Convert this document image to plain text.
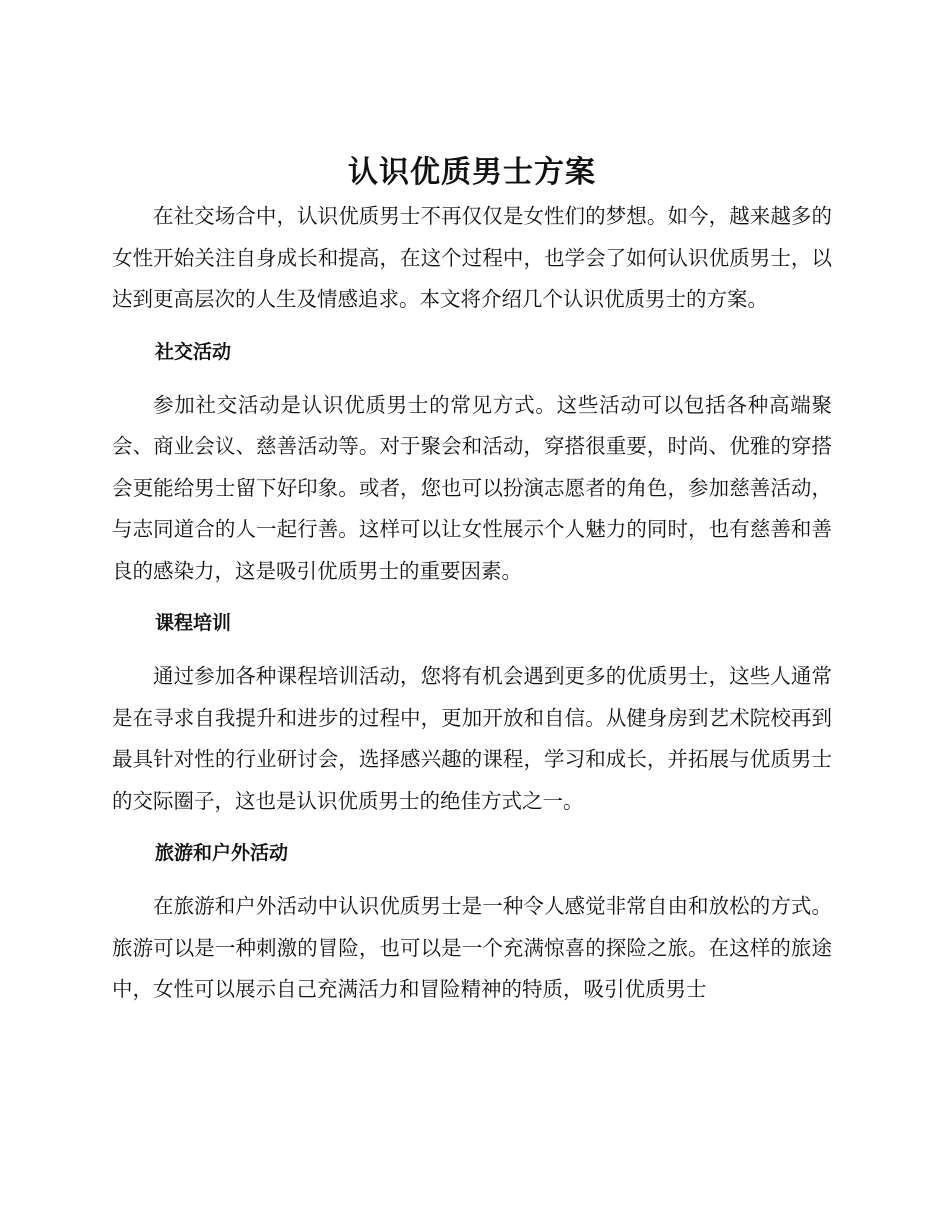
认识优质男士方案

在社交场合中，认识优质男士不再仅仅是女性们的梦想。如今，越来越多的女性开始关注自身成长和提高，在这个过程中，也学会了如何认识优质男士，以达到更高层次的人生及情感追求。本文将介绍几个认识优质男士的方案。

社交活动

参加社交活动是认识优质男士的常见方式。这些活动可以包括各种高端聚会、商业会议、慈善活动等。对于聚会和活动，穿搭很重要，时尚、优雅的穿搭会更能给男士留下好印象。或者，您也可以扮演志愿者的角色，参加慈善活动，与志同道合的人一起行善。这样可以让女性展示个人魅力的同时，也有慈善和善良的感染力，这是吸引优质男士的重要因素。

课程培训

通过参加各种课程培训活动，您将有机会遇到更多的优质男士，这些人通常是在寻求自我提升和进步的过程中，更加开放和自信。从健身房到艺术院校再到最具针对性的行业研讨会，选择感兴趣的课程，学习和成长，并拓展与优质男士的交际圈子，这也是认识优质男士的绝佳方式之一。

旅游和户外活动

在旅游和户外活动中认识优质男士是一种令人感觉非常自由和放松的方式。旅游可以是一种刺激的冒险，也可以是一个充满惊喜的探险之旅。在这样的旅途中，女性可以展示自己充满活力和冒险精神的特质，吸引优质男士
